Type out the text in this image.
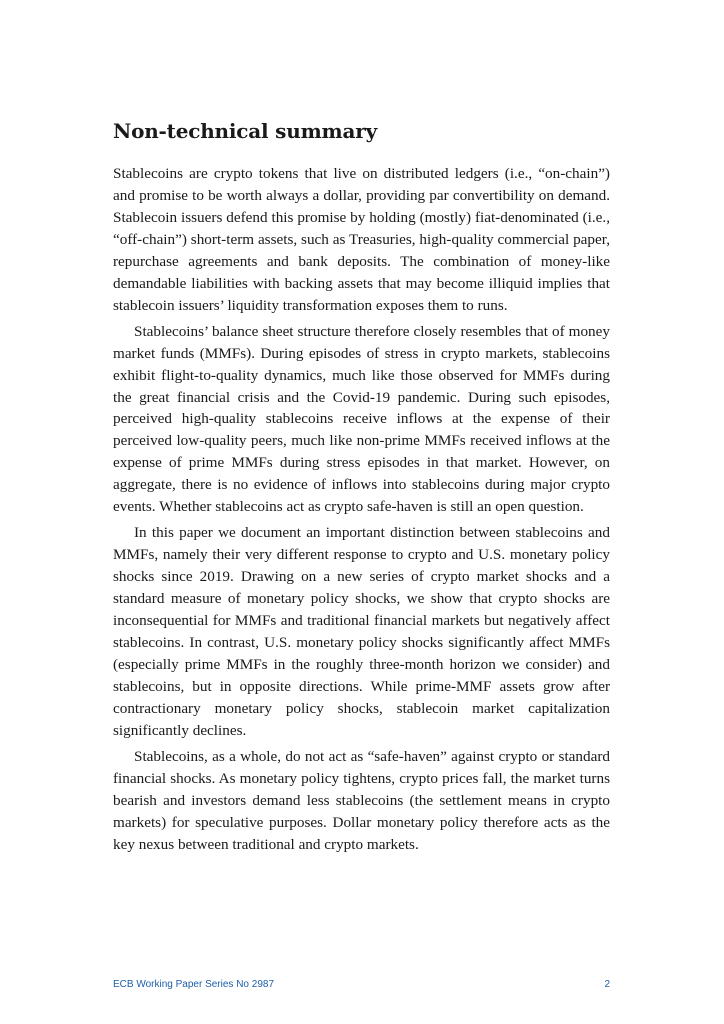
Non-technical summary

Stablecoins are crypto tokens that live on distributed ledgers (i.e., “on-chain”) and promise to be worth always a dollar, providing par convertibility on demand. Stablecoin issuers defend this promise by holding (mostly) fiat-denominated (i.e., “off-chain”) short-term assets, such as Treasuries, high-quality commercial paper, repurchase agreements and bank deposits. The combination of money-like demandable liabilities with backing assets that may become illiquid implies that stablecoin issuers’ liquidity transformation exposes them to runs.

Stablecoins’ balance sheet structure therefore closely resembles that of money market funds (MMFs). During episodes of stress in crypto markets, stablecoins exhibit flight-to-quality dynamics, much like those observed for MMFs during the great financial crisis and the Covid-19 pandemic. During such episodes, perceived high-quality stablecoins receive inflows at the expense of their perceived low-quality peers, much like non-prime MMFs received inflows at the expense of prime MMFs during stress episodes in that market. However, on aggregate, there is no evidence of inflows into stablecoins during major crypto events. Whether stablecoins act as crypto safe-haven is still an open question.

In this paper we document an important distinction between stablecoins and MMFs, namely their very different response to crypto and U.S. monetary policy shocks since 2019. Drawing on a new series of crypto market shocks and a standard measure of monetary policy shocks, we show that crypto shocks are inconsequential for MMFs and traditional financial markets but negatively affect stablecoins. In contrast, U.S. monetary policy shocks significantly affect MMFs (especially prime MMFs in the roughly three-month horizon we consider) and stablecoins, but in opposite directions. While prime-MMF assets grow after contractionary monetary policy shocks, stablecoin market capitalization significantly declines.

Stablecoins, as a whole, do not act as “safe-haven” against crypto or standard financial shocks. As monetary policy tightens, crypto prices fall, the market turns bearish and investors demand less stablecoins (the settlement means in crypto markets) for speculative purposes. Dollar monetary policy therefore acts as the key nexus between traditional and crypto markets.

ECB Working Paper Series No 2987	2
